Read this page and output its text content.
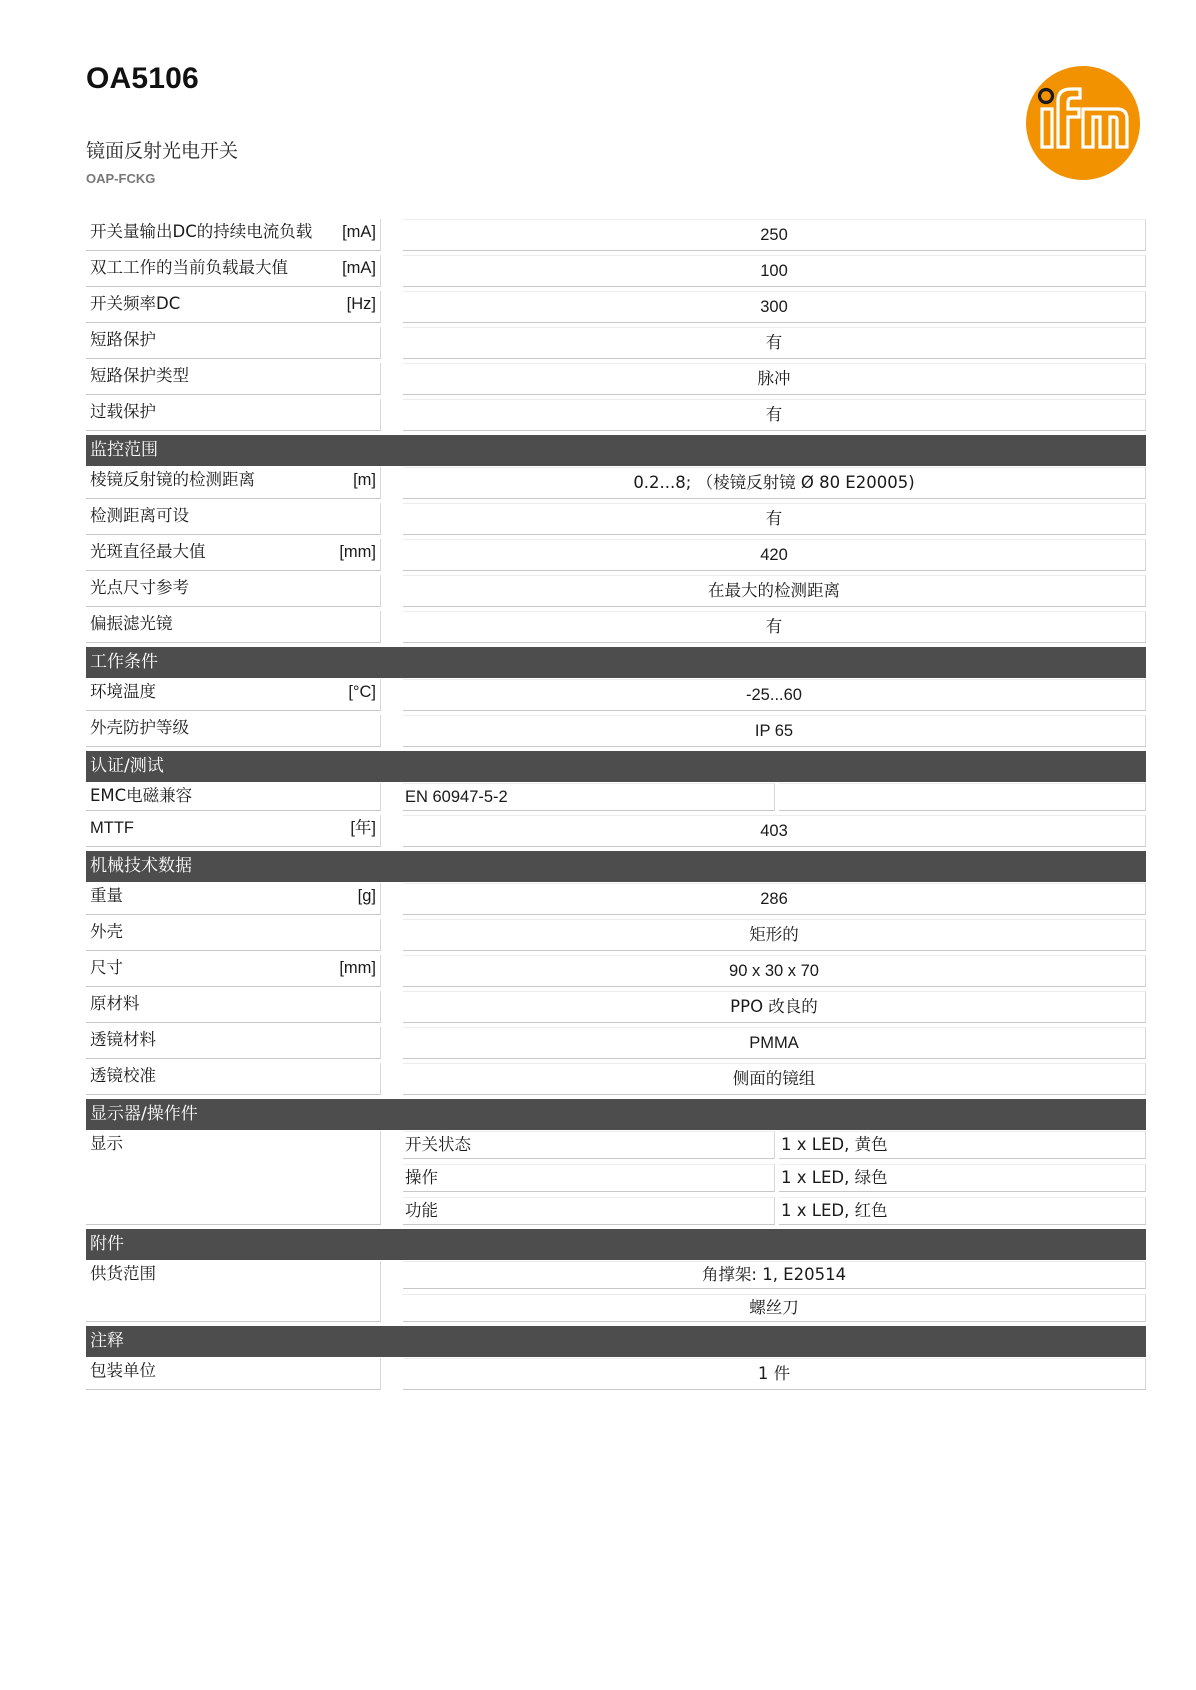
OA5106
镜面反射光电开关
OAP-FCKG
开关量输出DC的持续电流负载	[mA]	250
双工工作的当前负载最大值	[mA]	100
开关频率DC	[Hz]	300
短路保护	有
短路保护类型	脉冲
过载保护	有
监控范围
棱镜反射镜的检测距离	[m]	0.2...8; （棱镜反射镜 Ø 80 E20005)
检测距离可设	有
光斑直径最大值	[mm]	420
光点尺寸参考	在最大的检测距离
偏振滤光镜	有
工作条件
环境温度	[°C]	-25...60
外壳防护等级	IP 65
认证/测试
EMC电磁兼容	EN 60947-5-2
MTTF	[年]	403
机械技术数据
重量	[g]	286
外壳	矩形的
尺寸	[mm]	90 x 30 x 70
原材料	PPO 改良的
透镜材料	PMMA
透镜校准	侧面的镜组
显示器/操作件
显示	开关状态	1 x LED, 黄色
操作	1 x LED, 绿色
功能	1 x LED, 红色
附件
供货范围	角撑架: 1, E20514
螺丝刀
注释
包装单位	1 件
